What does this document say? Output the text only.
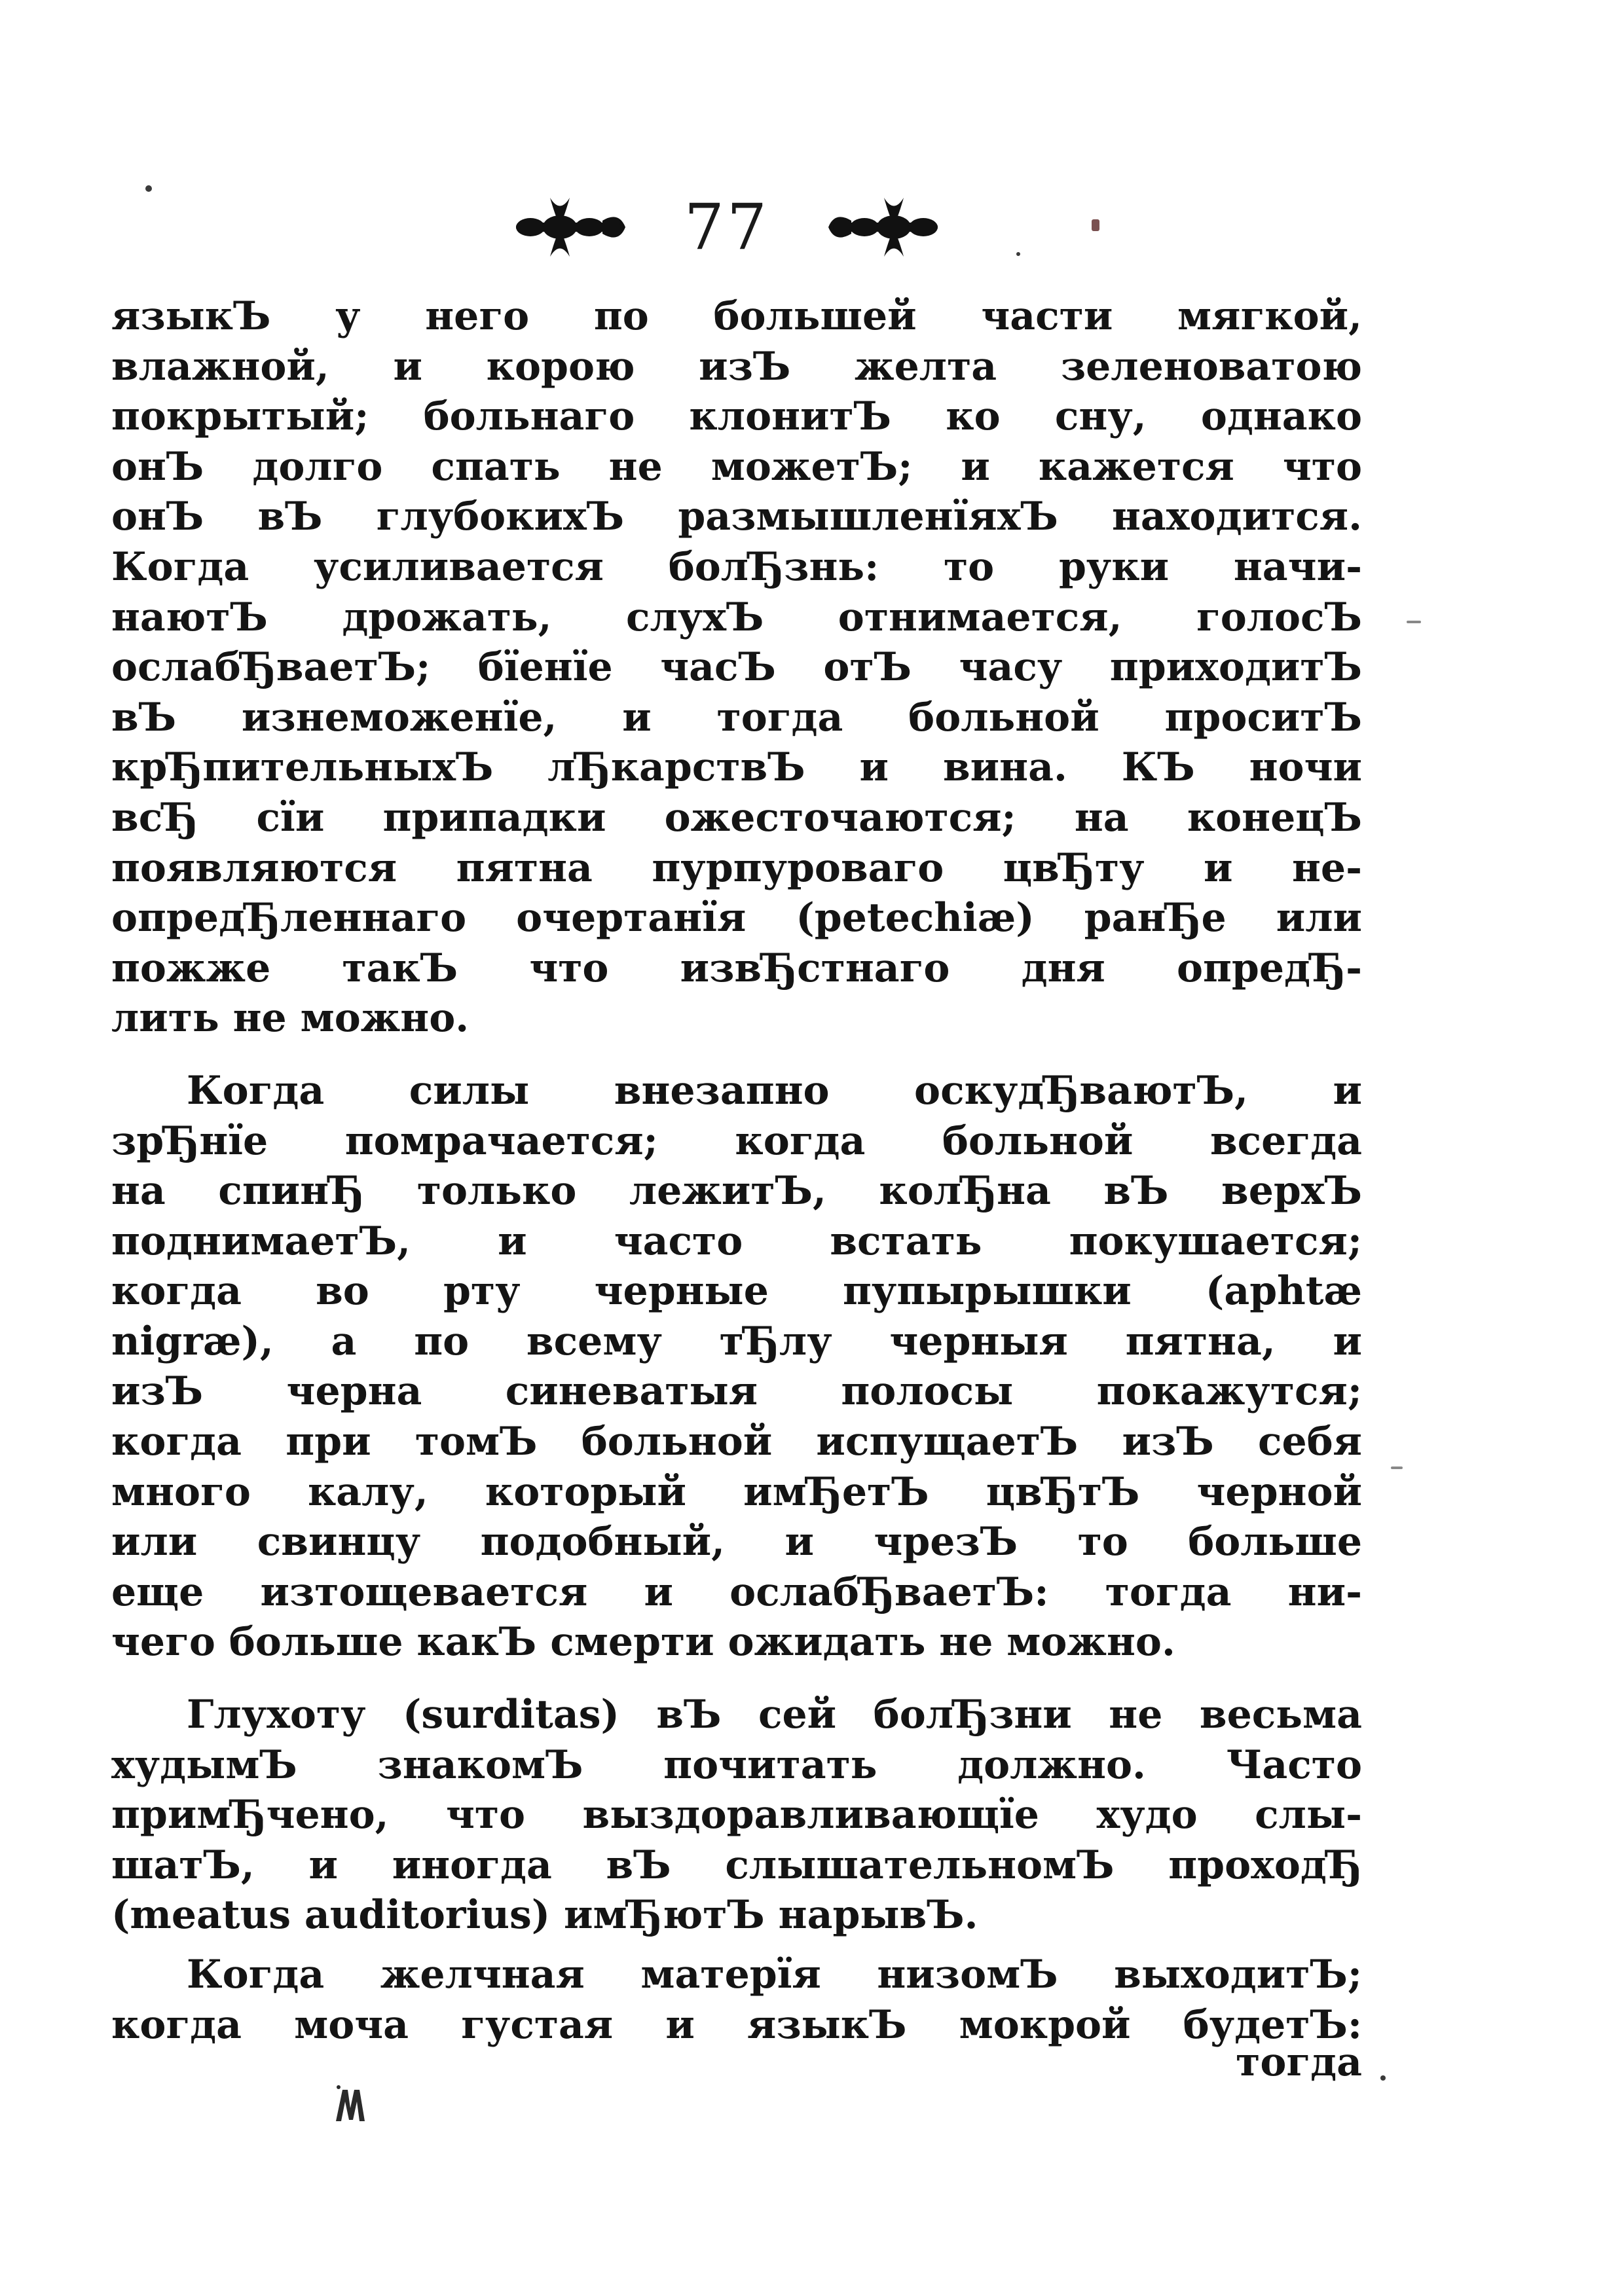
77
языкЪ у него по большей части мягкой,
влажной, и корою изЪ желта зеленоватою
покрытый; больнаго клонитЪ ко сну, однако
онЪ долго спать не можетЪ; и кажется что
онЪ вЪ глубокихЪ размышленїяхЪ находится.
Когда усиливается болЂзнь: то руки начи-
наютЪ дрожать, слухЪ отнимается, голосЪ
ослабЂваетЪ; бїенїе часЪ отЪ часу приходитЪ
вЪ изнеможенїе, и тогда больной проситЪ
крЂпительныхЪ лЂкарствЪ и вина. КЪ ночи
всЂ сїи припадки ожесточаются; на конецЪ
появляются пятна пурпуроваго цвЂту и не-
опредЂленнаго очертанїя (petechiæ) ранЂе или
пожже такЪ что извЂстнаго дня опредЂ-
лить не можно.
Когда силы внезапно оскудЂваютЪ, и
зрЂнїе помрачается; когда больной всегда
на спинЂ только лежитЪ, колЂна вЪ верхЪ
поднимаетЪ, и часто встать покушается;
когда во рту черные пупырышки (aphtæ
nigræ), а по всему тЂлу черныя пятна, и
изЪ черна синеватыя полосы покажутся;
когда при томЪ больной испущаетЪ изЪ себя
много калу, который имЂетЪ цвЂтЪ черной
или свинцу подобный, и чрезЪ то больше
еще изтощевается и ослабЂваетЪ: тогда ни-
чего больше какЪ смерти ожидать не можно.
Глухоту (surditas) вЪ сей болЂзни не весьма
худымЪ знакомЪ почитать должно. Часто
примЂчено, что выздоравливающїе худо слы-
шатЪ, и иногда вЪ слышательномЪ проходЂ
(meatus auditorius) имЂютЪ нарывЪ.
Когда желчная матерїя низомЪ выходитЪ;
когда моча густая и языкЪ мокрой будетЪ:
тогда
